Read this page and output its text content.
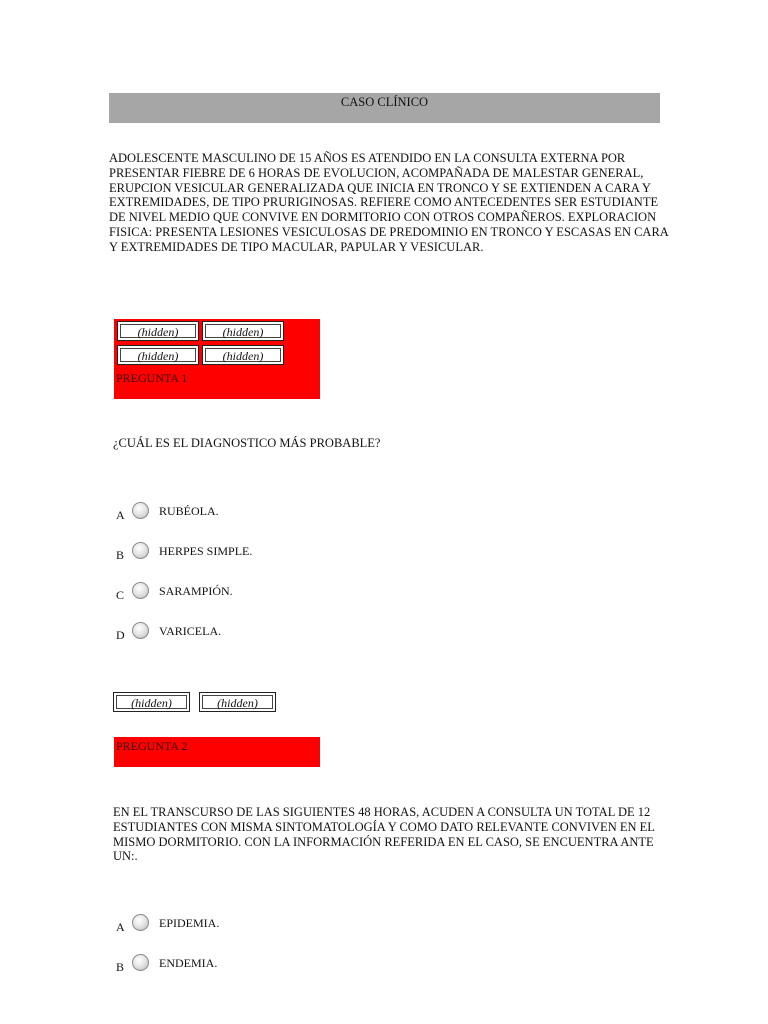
CASO CLÍNICO

ADOLESCENTE MASCULINO DE 15 AÑOS ES ATENDIDO EN LA CONSULTA EXTERNA POR PRESENTAR FIEBRE DE 6 HORAS DE EVOLUCION, ACOMPAÑADA DE MALESTAR GENERAL, ERUPCION VESICULAR GENERALIZADA QUE INICIA EN TRONCO Y SE EXTIENDEN A CARA Y EXTREMIDADES, DE TIPO PRURIGINOSAS. REFIERE COMO ANTECEDENTES SER ESTUDIANTE DE NIVEL MEDIO QUE CONVIVE EN DORMITORIO CON OTROS COMPAÑEROS. EXPLORACION FISICA: PRESENTA LESIONES VESICULOSAS DE PREDOMINIO EN TRONCO Y ESCASAS EN CARA Y EXTREMIDADES DE TIPO MACULAR, PAPULAR Y VESICULAR.

(hidden)	(hidden)
(hidden)	(hidden)
PREGUNTA 1

¿CUÁL ES EL DIAGNOSTICO MÁS PROBABLE?

A	RUBÉOLA.
B	HERPES SIMPLE.
C	SARAMPIÓN.
D	VARICELA.
(hidden)	(hidden)
PREGUNTA 2

EN EL TRANSCURSO DE LAS SIGUIENTES 48 HORAS, ACUDEN A CONSULTA UN TOTAL DE 12 ESTUDIANTES CON MISMA SINTOMATOLOGÍA Y COMO DATO RELEVANTE CONVIVEN EN EL MISMO DORMITORIO. CON LA INFORMACIÓN REFERIDA EN EL CASO, SE ENCUENTRA ANTE UN:.

A	EPIDEMIA.
B	ENDEMIA.
